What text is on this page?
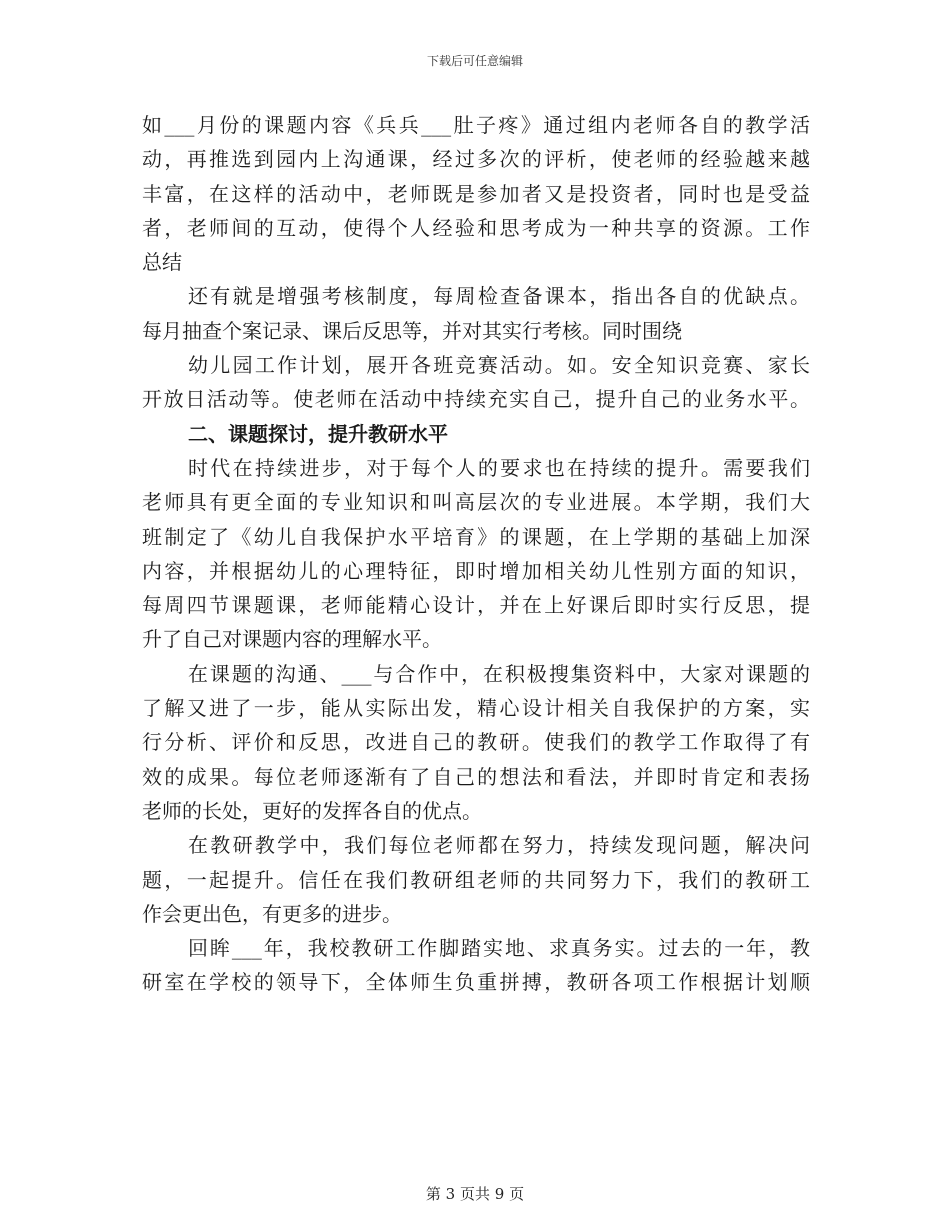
下载后可任意编辑
如___月份的课题内容《兵兵___肚子疼》通过组内老师各自的教学活
动，再推选到园内上沟通课，经过多次的评析，使老师的经验越来越
丰富，在这样的活动中，老师既是参加者又是投资者，同时也是受益
者，老师间的互动，使得个人经验和思考成为一种共享的资源。工作
总结
还有就是增强考核制度，每周检查备课本，指出各自的优缺点。
每月抽查个案记录、课后反思等，并对其实行考核。同时围绕
幼儿园工作计划，展开各班竞赛活动。如。安全知识竞赛、家长
开放日活动等。使老师在活动中持续充实自己，提升自己的业务水平。
二、课题探讨，提升教研水平
时代在持续进步，对于每个人的要求也在持续的提升。需要我们
老师具有更全面的专业知识和叫高层次的专业进展。本学期，我们大
班制定了《幼儿自我保护水平培育》的课题，在上学期的基础上加深
内容，并根据幼儿的心理特征，即时增加相关幼儿性别方面的知识，
每周四节课题课，老师能精心设计，并在上好课后即时实行反思，提
升了自己对课题内容的理解水平。
在课题的沟通、___与合作中，在积极搜集资料中，大家对课题的
了解又进了一步，能从实际出发，精心设计相关自我保护的方案，实
行分析、评价和反思，改进自己的教研。使我们的教学工作取得了有
效的成果。每位老师逐渐有了自己的想法和看法，并即时肯定和表扬
老师的长处，更好的发挥各自的优点。
在教研教学中，我们每位老师都在努力，持续发现问题，解决问
题，一起提升。信任在我们教研组老师的共同努力下，我们的教研工
作会更出色，有更多的进步。
回眸___年，我校教研工作脚踏实地、求真务实。过去的一年，教
研室在学校的领导下，全体师生负重拼搏，教研各项工作根据计划顺
第 3 页共 9 页
